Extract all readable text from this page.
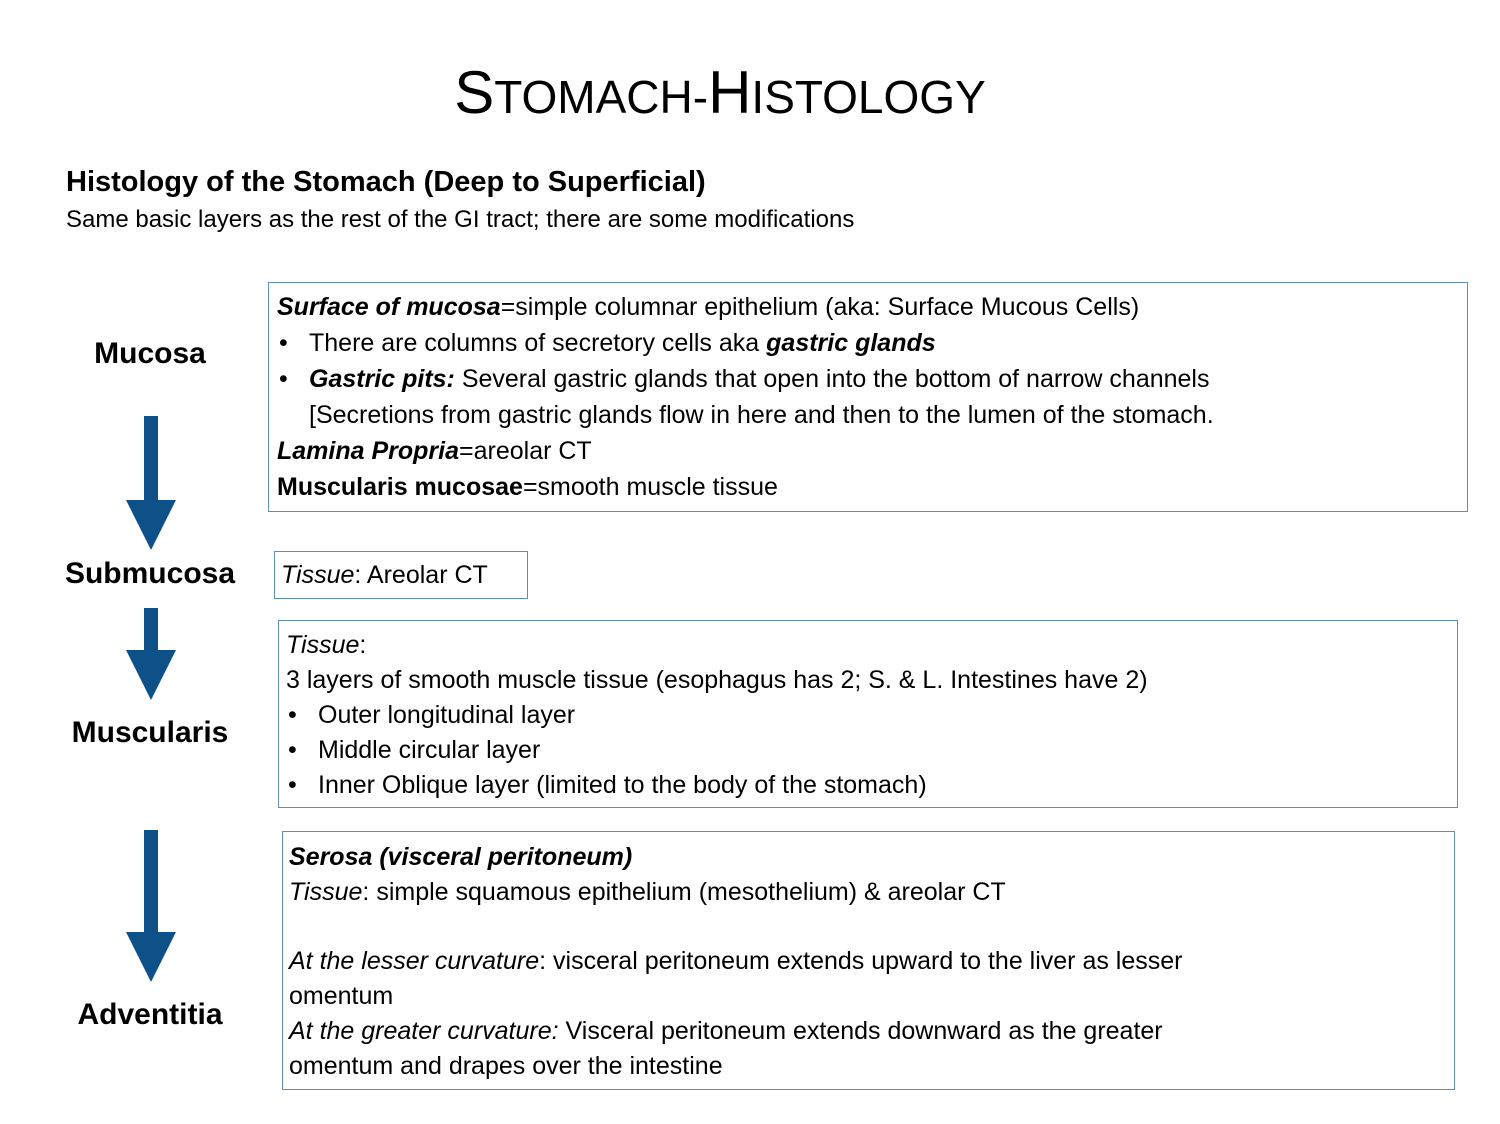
STOMACH-HISTOLOGY
Histology of the Stomach (Deep to Superficial)
Same basic layers as the rest of the GI tract; there are some modifications
Mucosa
Submucosa
Muscularis
Adventitia

Surface of mucosa=simple columnar epithelium (aka: Surface Mucous Cells)

• There are columns of secretory cells aka gastric glands

• Gastric pits: Several gastric glands that open into the bottom of narrow channels

[Secretions from gastric glands flow in here and then to the lumen of the stomach.

Lamina Propria=areolar CT

Muscularis mucosae=smooth muscle tissue

Tissue: Areolar CT

Tissue:

3 layers of smooth muscle tissue (esophagus has 2; S. & L. Intestines have 2)

• Outer longitudinal layer

• Middle circular layer

• Inner Oblique layer (limited to the body of the stomach)

Serosa (visceral peritoneum)

Tissue: simple squamous epithelium (mesothelium) & areolar CT

At the lesser curvature: visceral peritoneum extends upward to the liver as lesser

omentum

At the greater curvature: Visceral peritoneum extends downward as the greater

omentum and drapes over the intestine
